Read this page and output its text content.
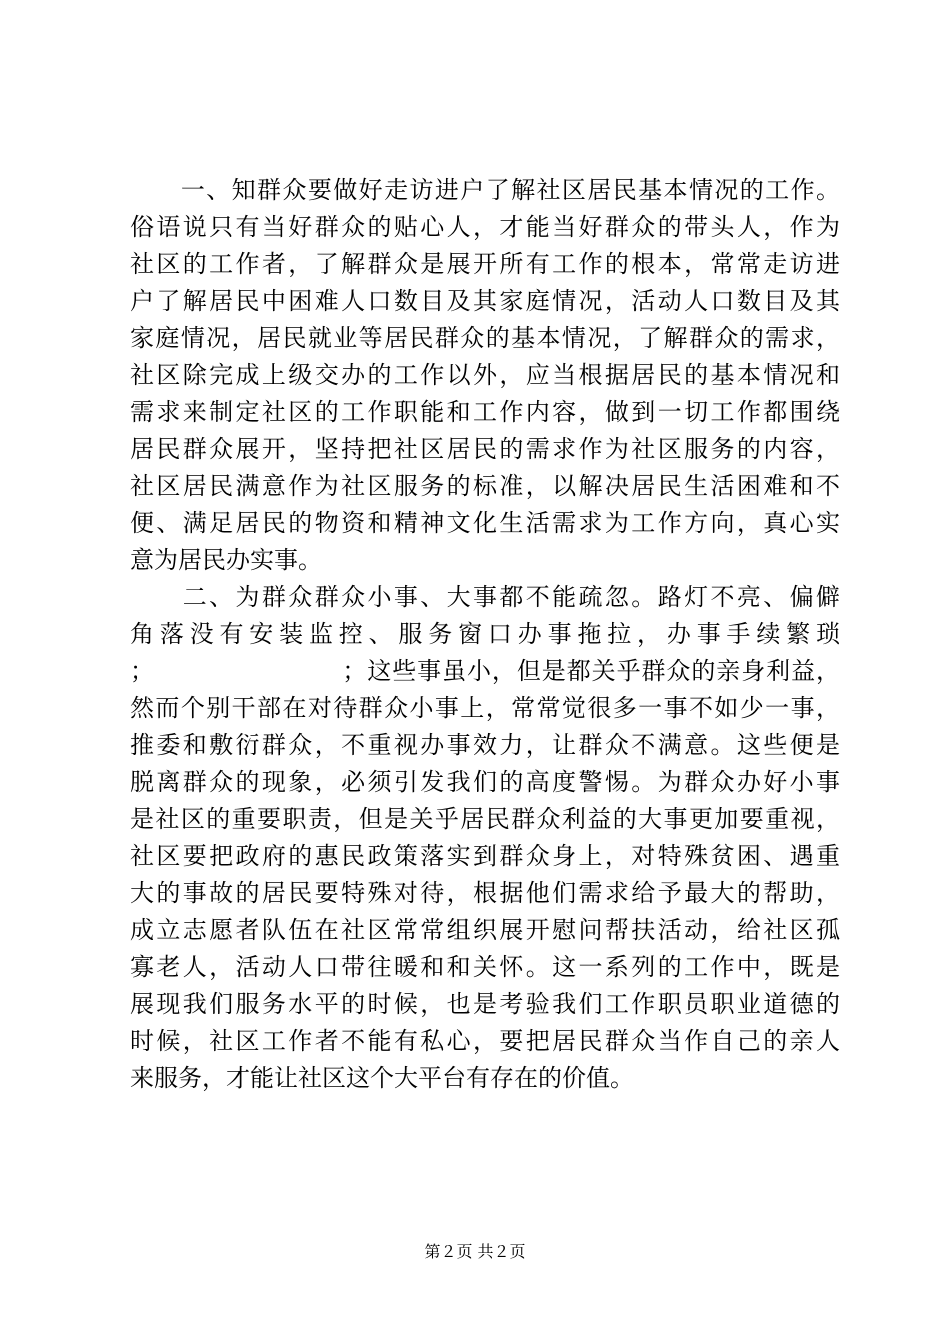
　　一、知群众要做好走访进户了解社区居民基本情况的工作。
俗语说只有当好群众的贴心人，才能当好群众的带头人，作为
社区的工作者，了解群众是展开所有工作的根本，常常走访进
户了解居民中困难人口数目及其家庭情况，活动人口数目及其
家庭情况，居民就业等居民群众的基本情况，了解群众的需求，
社区除完成上级交办的工作以外，应当根据居民的基本情况和
需求来制定社区的工作职能和工作内容，做到一切工作都围绕
居民群众展开，坚持把社区居民的需求作为社区服务的内容，
社区居民满意作为社区服务的标准，以解决居民生活困难和不
便、满足居民的物资和精神文化生活需求为工作方向，真心实
意为居民办实事。
　　二、为群众群众小事、大事都不能疏忽。路灯不亮、偏僻
角落没有安装监控、服务窗口办事拖拉，办事手续繁琐
；　　　　　　　　；这些事虽小，但是都关乎群众的亲身利益，
然而个别干部在对待群众小事上，常常觉很多一事不如少一事，
推委和敷衍群众，不重视办事效力，让群众不满意。这些便是
脱离群众的现象，必须引发我们的高度警惕。为群众办好小事
是社区的重要职责，但是关乎居民群众利益的大事更加要重视，
社区要把政府的惠民政策落实到群众身上，对特殊贫困、遇重
大的事故的居民要特殊对待，根据他们需求给予最大的帮助，
成立志愿者队伍在社区常常组织展开慰问帮扶活动，给社区孤
寡老人，活动人口带往暖和和关怀。这一系列的工作中，既是
展现我们服务水平的时候，也是考验我们工作职员职业道德的
时候，社区工作者不能有私心，要把居民群众当作自己的亲人
来服务，才能让社区这个大平台有存在的价值。
第２页 共２页
